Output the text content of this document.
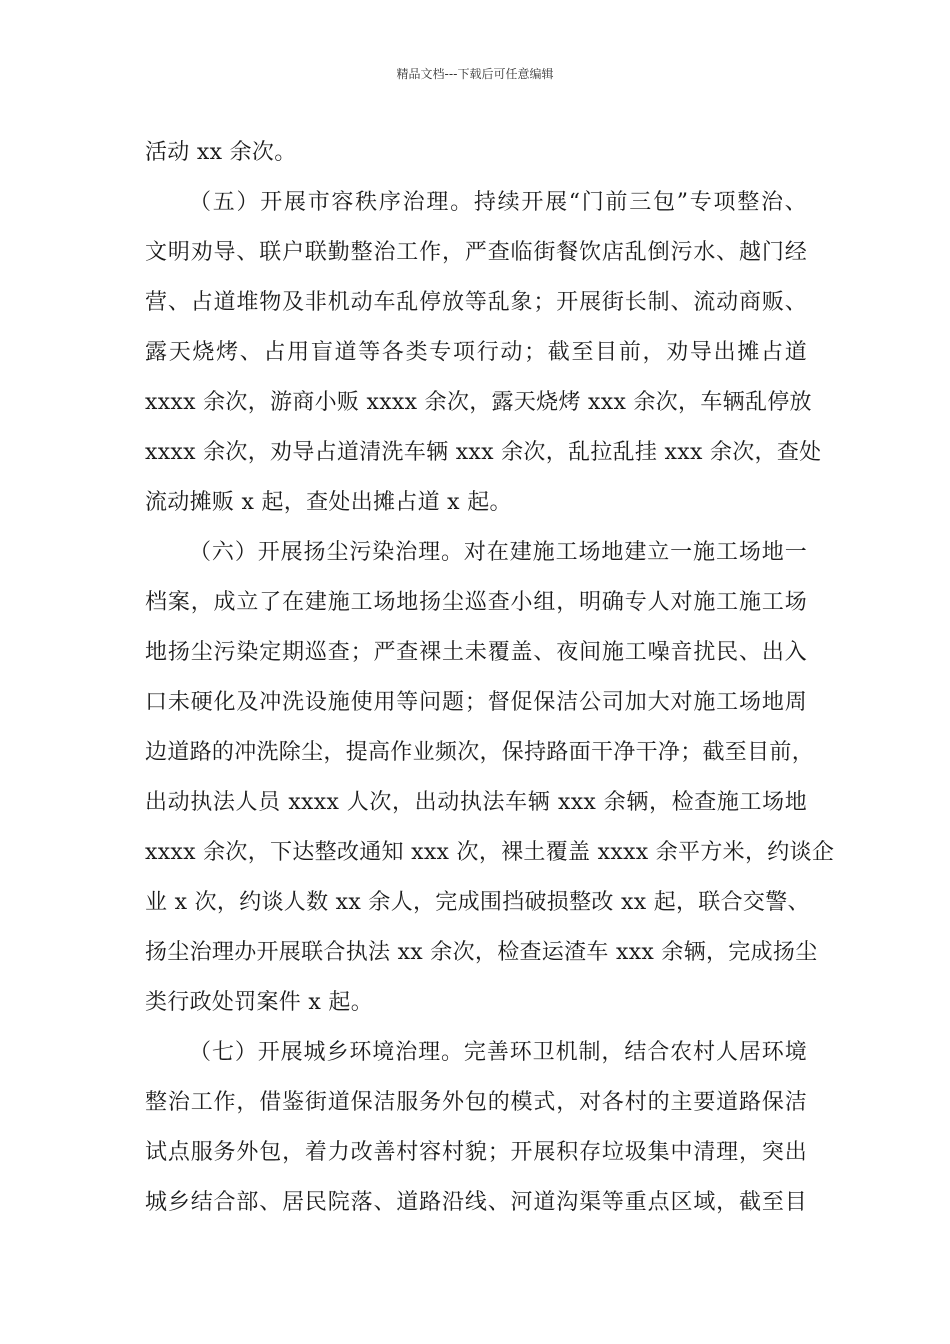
精品文档---下载后可任意编辑
活动 xx 余次。
（五）开展市容秩序治理。持续开展“门前三包”专项整治、
文明劝导、联户联勤整治工作，严查临街餐饮店乱倒污水、越门经
营、占道堆物及非机动车乱停放等乱象；开展街长制、流动商贩、
露天烧烤、占用盲道等各类专项行动；截至目前，劝导出摊占道
xxxx 余次，游商小贩 xxxx 余次，露天烧烤 xxx 余次，车辆乱停放
xxxx 余次，劝导占道清洗车辆 xxx 余次，乱拉乱挂 xxx 余次，查处
流动摊贩 x 起，查处出摊占道 x 起。
（六）开展扬尘污染治理。对在建施工场地建立一施工场地一
档案，成立了在建施工场地扬尘巡查小组，明确专人对施工施工场
地扬尘污染定期巡查；严查裸土未覆盖、夜间施工噪音扰民、出入
口未硬化及冲洗设施使用等问题；督促保洁公司加大对施工场地周
边道路的冲洗除尘，提高作业频次，保持路面干净干净；截至目前，
出动执法人员 xxxx 人次，出动执法车辆 xxx 余辆，检查施工场地
xxxx 余次，下达整改通知 xxx 次，裸土覆盖 xxxx 余平方米，约谈企
业 x 次，约谈人数 xx 余人，完成围挡破损整改 xx 起，联合交警、
扬尘治理办开展联合执法 xx 余次，检查运渣车 xxx 余辆，完成扬尘
类行政处罚案件 x 起。
（七）开展城乡环境治理。完善环卫机制，结合农村人居环境
整治工作，借鉴街道保洁服务外包的模式，对各村的主要道路保洁
试点服务外包，着力改善村容村貌；开展积存垃圾集中清理，突出
城乡结合部、居民院落、道路沿线、河道沟渠等重点区域，截至目
